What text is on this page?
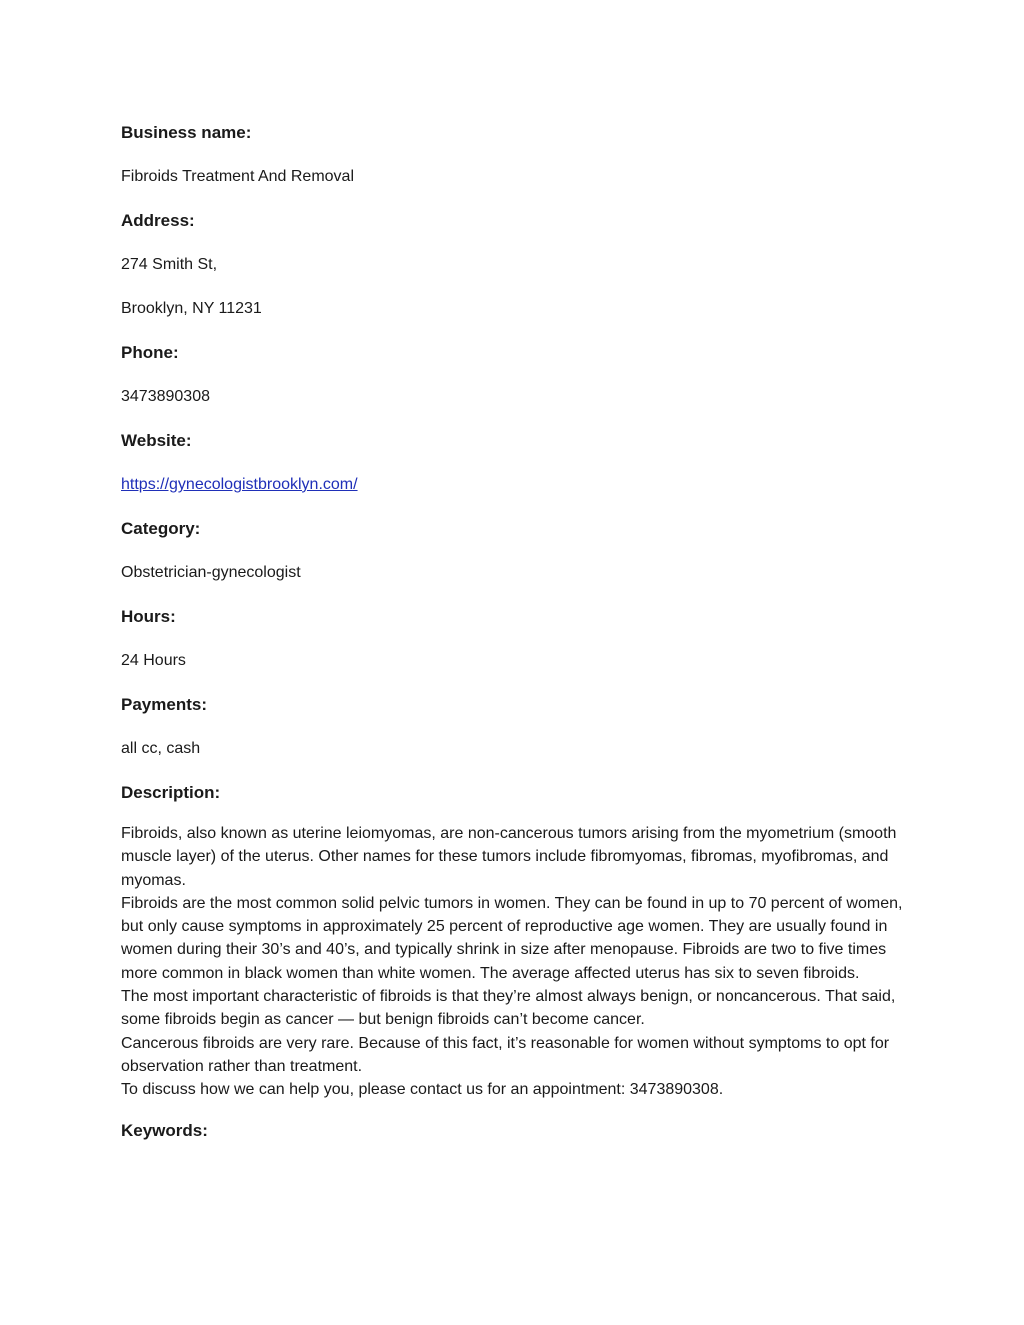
Business name:
Fibroids Treatment And Removal
Address:
274 Smith St,
Brooklyn, NY 11231
Phone:
3473890308
Website:
https://gynecologistbrooklyn.com/
Category:
Obstetrician-gynecologist
Hours:
24 Hours
Payments:
all cc, cash
Description:

Fibroids, also known as uterine leiomyomas, are non-cancerous tumors arising from the myometrium (smooth muscle layer) of the uterus. Other names for these tumors include fibromyomas, fibromas, myofibromas, and myomas.

Fibroids are the most common solid pelvic tumors in women. They can be found in up to 70 percent of women, but only cause symptoms in approximately 25 percent of reproductive age women. They are usually found in women during their 30’s and 40’s, and typically shrink in size after menopause. Fibroids are two to five times more common in black women than white women. The average affected uterus has six to seven fibroids.

The most important characteristic of fibroids is that they’re almost always benign, or noncancerous. That said, some fibroids begin as cancer — but benign fibroids can’t become cancer.

Cancerous fibroids are very rare. Because of this fact, it’s reasonable for women without symptoms to opt for observation rather than treatment.

To discuss how we can help you, please contact us for an appointment: 3473890308.

Keywords:
